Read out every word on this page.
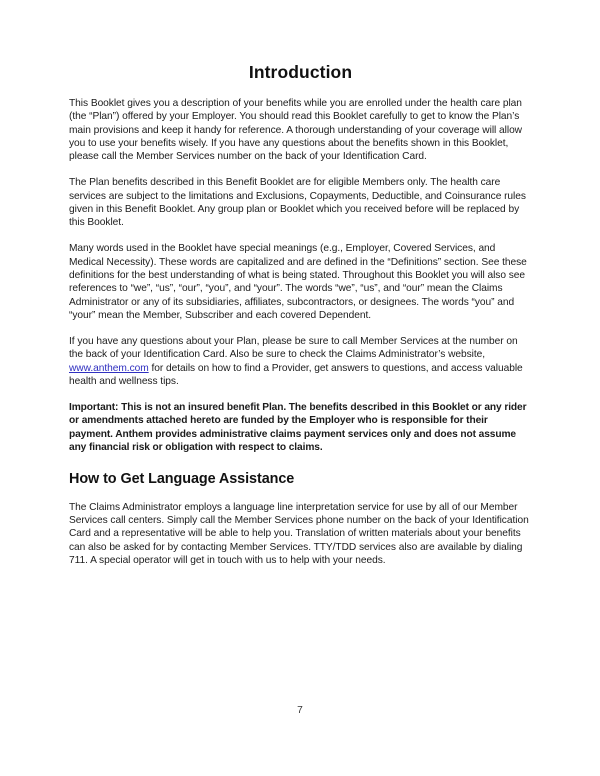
Introduction

This Booklet gives you a description of your benefits while you are enrolled under the health care plan (the “Plan”) offered by your Employer. You should read this Booklet carefully to get to know the Plan’s main provisions and keep it handy for reference. A thorough understanding of your coverage will allow you to use your benefits wisely. If you have any questions about the benefits shown in this Booklet, please call the Member Services number on the back of your Identification Card.

The Plan benefits described in this Benefit Booklet are for eligible Members only. The health care services are subject to the limitations and Exclusions, Copayments, Deductible, and Coinsurance rules given in this Benefit Booklet. Any group plan or Booklet which you received before will be replaced by this Booklet.

Many words used in the Booklet have special meanings (e.g., Employer, Covered Services, and Medical Necessity). These words are capitalized and are defined in the “Definitions” section. See these definitions for the best understanding of what is being stated. Throughout this Booklet you will also see references to “we”, “us”, “our”, “you”, and “your”. The words “we”, “us”, and “our” mean the Claims Administrator or any of its subsidiaries, affiliates, subcontractors, or designees. The words “you” and “your” mean the Member, Subscriber and each covered Dependent.

If you have any questions about your Plan, please be sure to call Member Services at the number on the back of your Identification Card. Also be sure to check the Claims Administrator’s website, www.anthem.com for details on how to find a Provider, get answers to questions, and access valuable health and wellness tips.

Important: This is not an insured benefit Plan. The benefits described in this Booklet or any rider or amendments attached hereto are funded by the Employer who is responsible for their payment. Anthem provides administrative claims payment services only and does not assume any financial risk or obligation with respect to claims.

How to Get Language Assistance

The Claims Administrator employs a language line interpretation service for use by all of our Member Services call centers. Simply call the Member Services phone number on the back of your Identification Card and a representative will be able to help you. Translation of written materials about your benefits can also be asked for by contacting Member Services. TTY/TDD services also are available by dialing 711. A special operator will get in touch with us to help with your needs.

7
